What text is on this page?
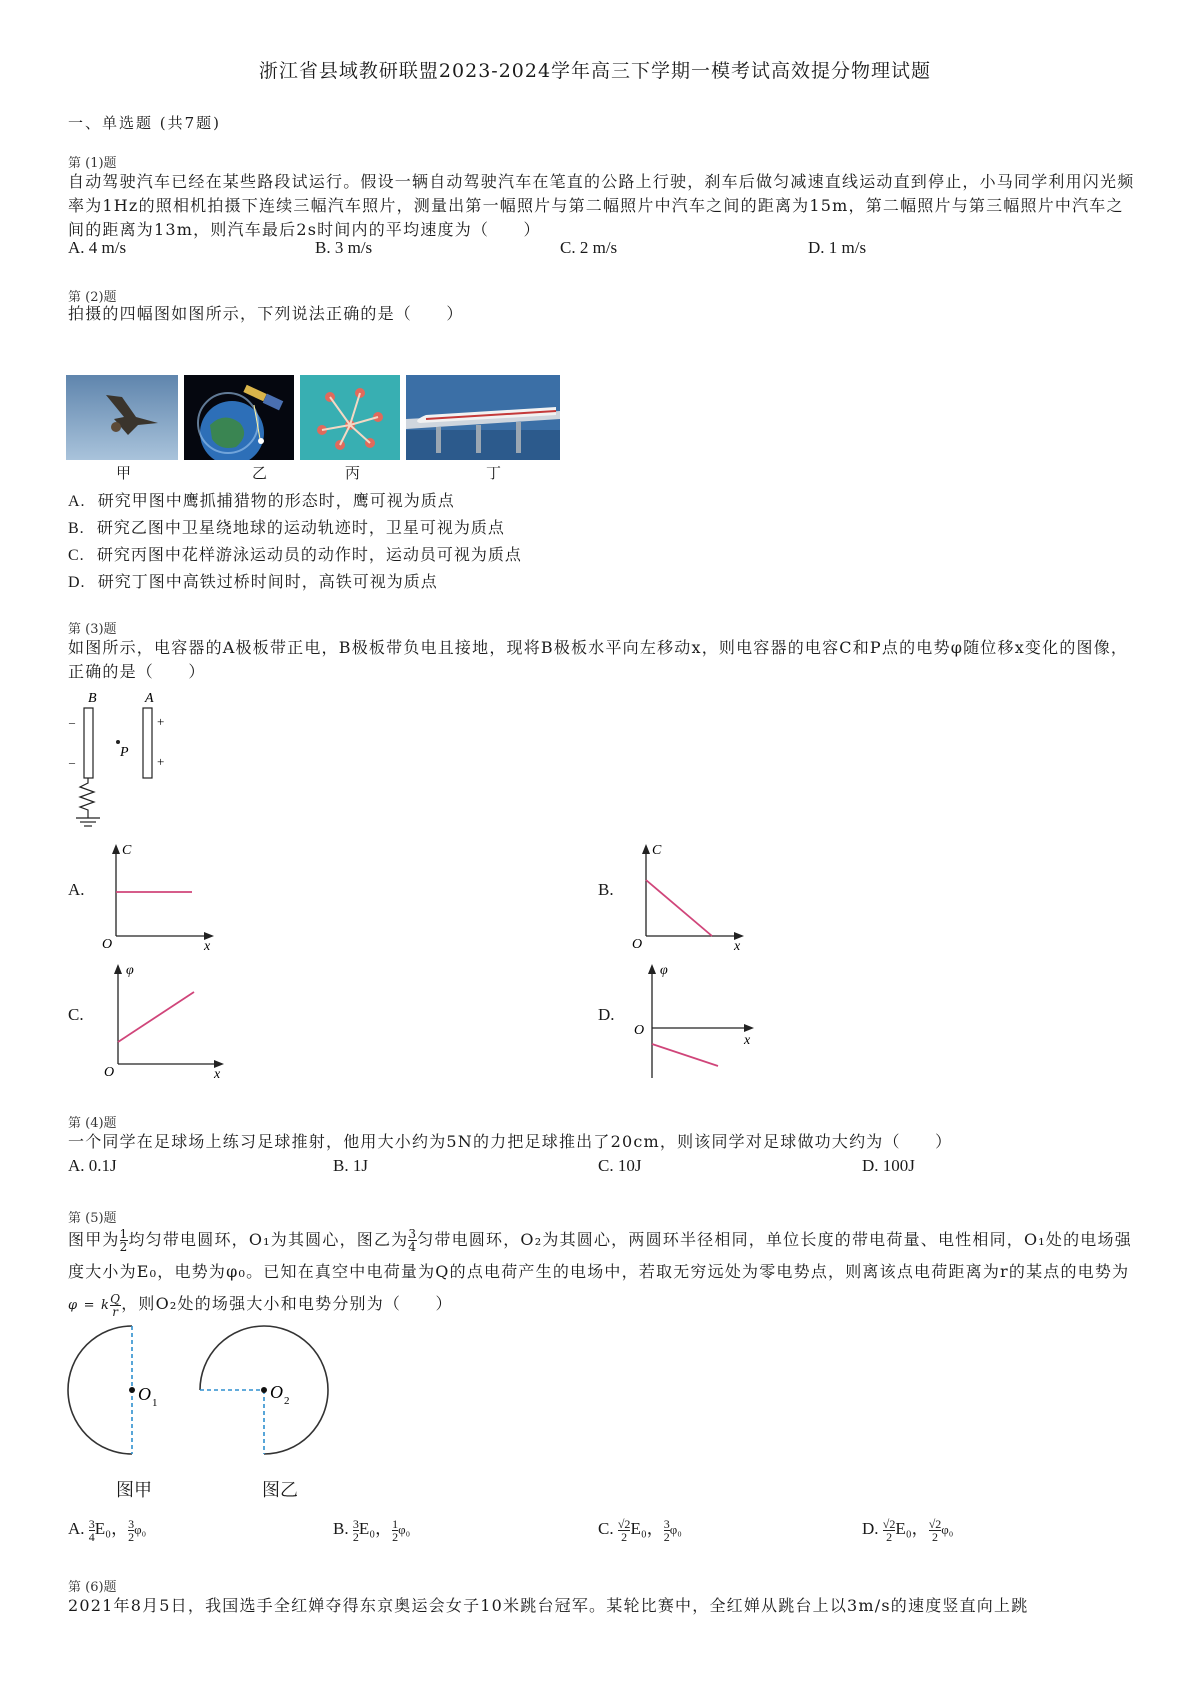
浙江省县域教研联盟2023-2024学年高三下学期一模考试高效提分物理试题
一、单选题 (共7题)
第 (1)题
自动驾驶汽车已经在某些路段试运行。假设一辆自动驾驶汽车在笔直的公路上行驶，刹车后做匀减速直线运动直到停止，小马同学利用闪光频率为1Hz的照相机拍摄下连续三幅汽车照片，测量出第一幅照片与第二幅照片中汽车之间的距离为15m，第二幅照片与第三幅照片中汽车之间的距离为13m，则汽车最后2s时间内的平均速度为（　　）
A. 4 m/s	B. 3 m/s	C. 2 m/s	D. 1 m/s
第 (2)题
拍摄的四幅图如图所示，下列说法正确的是（　　）
甲	乙	丙	丁
A. 研究甲图中鹰抓捕猎物的形态时，鹰可视为质点
B. 研究乙图中卫星绕地球的运动轨迹时，卫星可视为质点
C. 研究丙图中花样游泳运动员的动作时，运动员可视为质点
D. 研究丁图中高铁过桥时间时，高铁可视为质点
第 (3)题
如图所示，电容器的A极板带正电，B极板带负电且接地，现将B极板水平向左移动x，则电容器的电容C和P点的电势φ随位移x变化的图像，正确的是（　　）
B	A
–
–
+
+
P
A.
C
O	x
B.
C
O	x
C.
φ
O	x
D.
φ
O
x
第 (4)题
一个同学在足球场上练习足球推射，他用大小约为5N的力把足球推出了20cm，则该同学对足球做功大约为（　　）
A. 0.1J	B. 1J	C. 10J	D. 100J
第 (5)题
图甲为 $\frac{1}{2}$ 均匀带电圆环，O₁为其圆心，图乙为 $\frac{3}{4}$ 匀带电圆环，O₂为其圆心，两圆环半径相同，单位长度的带电荷量、电性相同，O₁处的电场强度大小为E₀，电势为φ₀。已知在真空中电荷量为Q的点电荷产生的电场中，若取无穷远处为零电势点，则离该点电荷距离为r的某点的电势为φ = k $\frac{Q}{r}$ ，则O₂处的场强大小和电势分别为（　　）
O 1
O 2
图甲	图乙
A. $\frac{3}{4} E_0$， $\frac{3}{2} \varphi_0$	B. $\frac{3}{2} E_0$， $\frac{1}{2} \varphi_0$	C. $\frac{√2}{2} E_0$， $\frac{3}{2} \varphi_0$	D. $\frac{√2}{2} E_0$， $\frac{√2}{2} \varphi_0$
第 (6)题
2021年8月5日，我国选手全红婵夺得东京奥运会女子10米跳台冠军。某轮比赛中，全红婵从跳台上以3m/s的速度竖直向上跳
